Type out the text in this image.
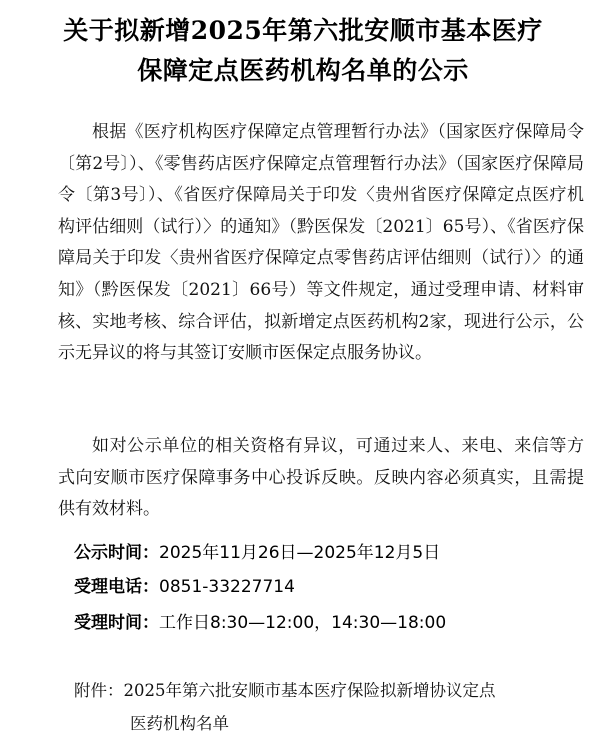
关于拟新增2025年第六批安顺市基本医疗
保障定点医药机构名单的公示
根据《医疗机构医疗保障定点管理暂行办法》（国家医疗保障局令〔第2号〕）、《零售药店医疗保障定点管理暂行办法》（国家医疗保障局令〔第3号〕）、《省医疗保障局关于印发〈贵州省医疗保障定点医疗机构评估细则（试行）〉的通知》（黔医保发〔2021〕65号）、《省医疗保障局关于印发〈贵州省医疗保障定点零售药店评估细则（试行）〉的通知》（黔医保发〔2021〕66号）等文件规定，通过受理申请、材料审核、实地考核、综合评估，拟新增定点医药机构2家，现进行公示，公示无异议的将与其签订安顺市医保定点服务协议。
如对公示单位的相关资格有异议，可通过来人、来电、来信等方式向安顺市医疗保障事务中心投诉反映。反映内容必须真实，且需提供有效材料。
公示时间：2025年11月26日—2025年12月5日
受理电话：0851-33227714
受理时间：工作日8:30—12:00，14:30—18:00
附件：2025年第六批安顺市基本医疗保险拟新增协议定点
医药机构名单
